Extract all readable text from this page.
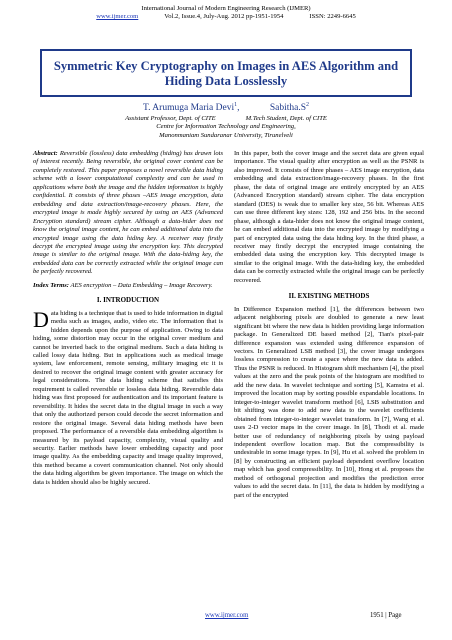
International Journal of Modern Engineering Research (IJMER)
www.ijmer.com	Vol.2, Issue.4, July-Aug. 2012 pp-1951-1954	ISSN: 2249-6645
Symmetric Key Cryptography on Images in AES Algorithm and Hiding Data Losslessly
T. Arumuga Maria Devi$^1$,	$Sabitha.S^2$
Assistant Professor, Dept. of CITE	M.Tech Student, Dept. of CITE
Centre for Information Technology and Engineering,
Manonmaniam Sundaranar University, Tirunelveli
Abstract: Reversible (lossless) data embedding (hiding) has drawn lots of interest recently. Being reversible, the original cover content can be completely restored. This paper proposes a novel reversible data hiding scheme with a lower computational complexity and can be used in applications where both the image and the hidden information is highly confidential. It consists of three phases –AES image encryption, data embedding and data extraction/image-recovery phases. Here, the encrypted image is made highly secured by using an AES (Advanced Encryption standard) stream cipher. Although a data-hider does not know the original image content, he can embed additional data into the encrypted image using the data hiding key. A receiver may firstly decrypt the encrypted image using the encryption key. This decrypted image is similar to the original image. With the data-hiding key, the embedded data can be correctly extracted while the original image can be perfectly recovered.
Index Terms: AES encryption – Data Embedding – Image Recovery.
I. INTRODUCTION

Data hiding is a technique that is used to hide information in digital media such as images, audio, video etc. The information that is hidden depends upon the purpose of application. Owing to data hiding, some distortion may occur in the original cover medium and cannot be inverted back to the original medium. Such a data hiding is called lossy data hiding. But in applications such as medical image system, law enforcement, remote sensing, military imaging etc it is desired to recover the original image content with greater accuracy for legal considerations. The data hiding scheme that satisfies this requirement is called reversible or lossless data hiding. Reversible data hiding was first proposed for authentication and its important feature is reversibility. It hides the secret data in the digital image in such a way that only the authorized person could decode the secret information and restore the original image. Several data hiding methods have been proposed. The performance of a reversible data embedding algorithm is measured by its payload capacity, complexity, visual quality and security. Earlier methods have lower embedding capacity and poor image quality. As the embedding capacity and image quality improved, this method became a covert communication channel. Not only should the data hiding algorithm be given importance. The image on which the data is hidden should also be highly secured.

In this paper, both the cover image and the secret data are given equal importance. The visual quality after encryption as well as the PSNR is also improved. It consists of three phases – AES image encryption, data embedding and data extraction/image-recovery phases. In the first phase, the data of original image are entirely encrypted by an AES (Advanced Encryption standard) stream cipher. The data encryption standard (DES) is weak due to smaller key size, 56 bit. Whereas AES can use three different key sizes: 128, 192 and 256 bits. In the second phase, although a data-hider does not know the original image content, he can embed additional data into the encrypted image by modifying a part of encrypted data using the data hiding key. In the third phase, a receiver may firstly decrypt the encrypted image containing the embedded data using the encryption key. This decrypted image is similar to the original image. With the data-hiding key, the embedded data can be correctly extracted while the original image can be perfectly recovered.

II. EXISTING METHODS

In Difference Expansion method [1], the differences between two adjacent neighboring pixels are doubled to generate a new least significant bit where the new data is hidden providing large information package. In Generalized DE based method [2], Tian's pixel-pair difference expansion was extended using difference expansion of vectors. In Generalized LSB method [3], the cover image undergoes lossless compression to create a space where the new data is added. Thus the PSNR is reduced. In Histogram shift mechanism [4], the pixel values at the zero and the peak points of the histogram are modified to add the new data. In wavelet technique and sorting [5], Kamstra et al. improved the location map by sorting possible expandable locations. In integer-to-integer wavelet transform method [6], LSB substitution and bit shifting was done to add new data to the wavelet coefficients obtained from integer-to-integer wavelet transform. In [7], Wang et al. uses 2-D vector maps in the cover image. In [8], Thodi et al. made better use of redundancy of neighboring pixels by using payload independent overflow location map. But the compressibility is undesirable in some image types. In [9], Hu et al. solved the problem in [8] by constructing an efficient payload dependent overflow location map which has good compressibility. In [10], Hong et al. proposes the method of orthogonal projection and modifies the prediction error values to add the secret data. In [11], the data is hidden by modifying a part of the encrypted

www.ijmer.com	1951 | Page
